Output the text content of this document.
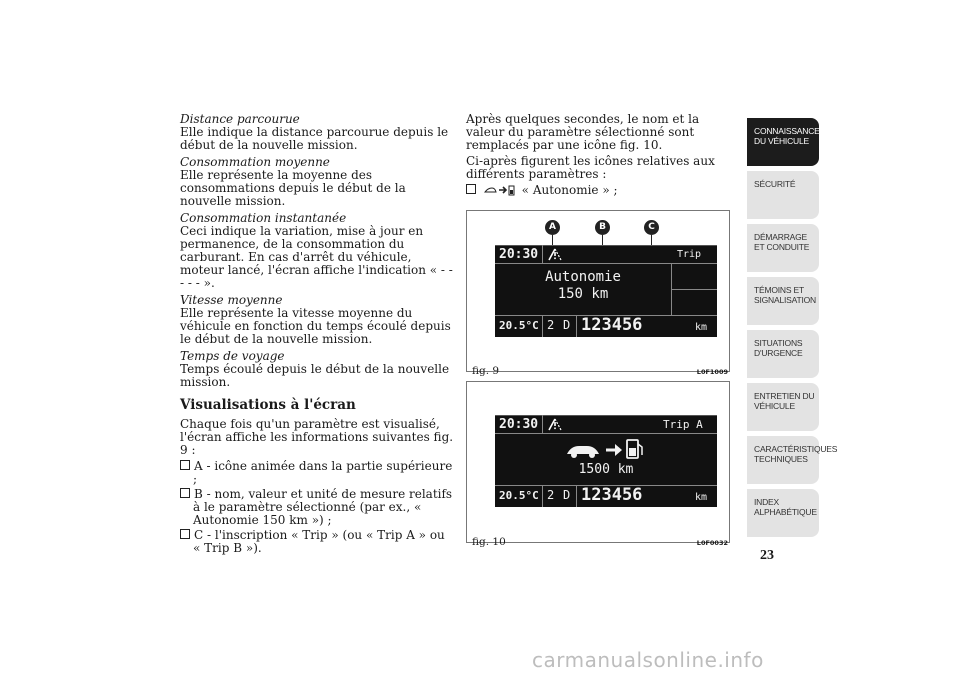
Distance parcourue

Elle indique la distance parcourue depuis le début de la nouvelle mission.

Consommation moyenne

Elle représente la moyenne des consommations depuis le début de la nouvelle mission.

Consommation instantanée

Ceci indique la variation, mise à jour en permanence, de la consommation du carburant. En cas d'arrêt du véhicule, moteur lancé, l'écran affiche l'indication « - - - - - ».

Vitesse moyenne

Elle représente la vitesse moyenne du véhicule en fonction du temps écoulé depuis le début de la nouvelle mission.

Temps de voyage

Temps écoulé depuis le début de la nouvelle mission.

Visualisations à l'écran

Chaque fois qu'un paramètre est visualisé, l'écran affiche les informations suivantes fig. 9 :

A - icône animée dans la partie supérieure ;

B - nom, valeur et unité de mesure relatifs à le paramètre sélectionné (par ex., « Autonomie 150 km ») ;

C - l'inscription « Trip » (ou « Trip A » ou « Trip B »).

Après quelques secondes, le nom et la valeur du paramètre sélectionné sont remplacés par une icône fig. 10.

Ci-après figurent les icônes relatives aux différents paramètres :

« Autonomie » ;

A	B	C
20:30	Trip
Autonomie
150 km
20.5°C 2 D 123456	km
fig. 9	L0F1009
20:30	Trip A
1500 km
20.5°C 2 D 123456	km
fig. 10	L0F0032
CONNAISSANCE DU VÉHICULE
SÉCURITÉ
DÉMARRAGE ET CONDUITE
TÉMOINS ET SIGNALISATION
SITUATIONS D'URGENCE
ENTRETIEN DU VÉHICULE
CARACTÉRISTIQUES TECHNIQUES
INDEX ALPHABÉTIQUE
23
carmanualsonline.info
